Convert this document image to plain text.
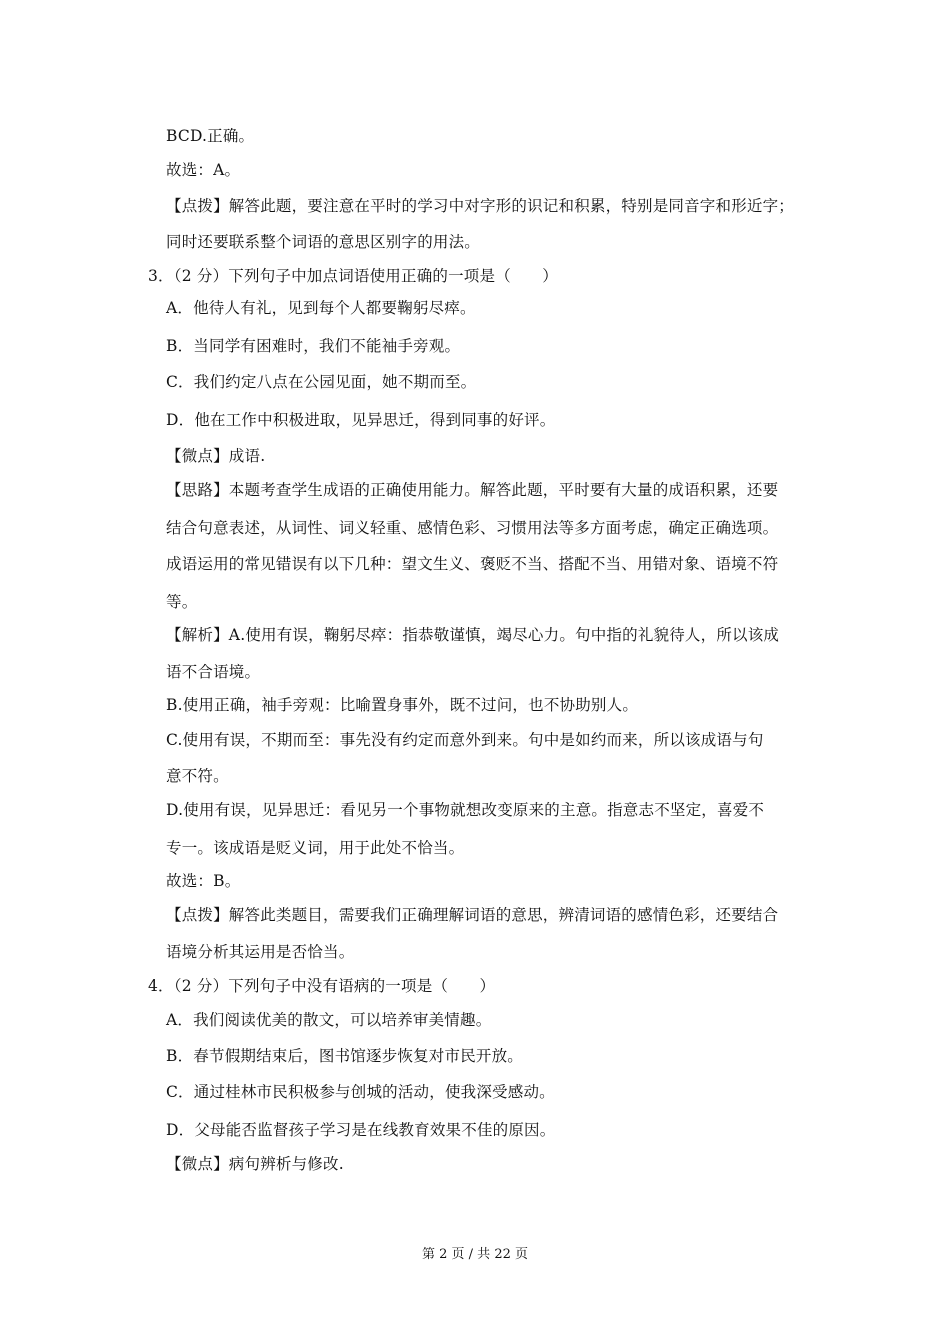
BCD.正确。
故选：A。
【点拨】解答此题，要注意在平时的学习中对字形的识记和积累，特别是同音字和形近字；
同时还要联系整个词语的意思区别字的用法。
3．（2 分）下列句子中加点词语使用正确的一项是（　　）
A．他待人有礼，见到每个人都要鞠躬尽瘁。
B．当同学有困难时，我们不能袖手旁观。
C．我们约定八点在公园见面，她不期而至。
D．他在工作中积极进取，见异思迁，得到同事的好评。
【微点】成语.
【思路】本题考查学生成语的正确使用能力。解答此题，平时要有大量的成语积累，还要
结合句意表述，从词性、词义轻重、感情色彩、习惯用法等多方面考虑，确定正确选项。
成语运用的常见错误有以下几种：望文生义、褒贬不当、搭配不当、用错对象、语境不符
等。
【解析】A.使用有误，鞠躬尽瘁：指恭敬谨慎，竭尽心力。句中指的礼貌待人，所以该成
语不合语境。
B.使用正确，袖手旁观：比喻置身事外，既不过问，也不协助别人。
C.使用有误，不期而至：事先没有约定而意外到来。句中是如约而来，所以该成语与句
意不符。
D.使用有误，见异思迁：看见另一个事物就想改变原来的主意。指意志不坚定，喜爱不
专一。该成语是贬义词，用于此处不恰当。
故选：B。
【点拨】解答此类题目，需要我们正确理解词语的意思，辨清词语的感情色彩，还要结合
语境分析其运用是否恰当。
4．（2 分）下列句子中没有语病的一项是（　　）
A．我们阅读优美的散文，可以培养审美情趣。
B．春节假期结束后，图书馆逐步恢复对市民开放。
C．通过桂林市民积极参与创城的活动，使我深受感动。
D．父母能否监督孩子学习是在线教育效果不佳的原因。
【微点】病句辨析与修改.
第 2 页 / 共 22 页
